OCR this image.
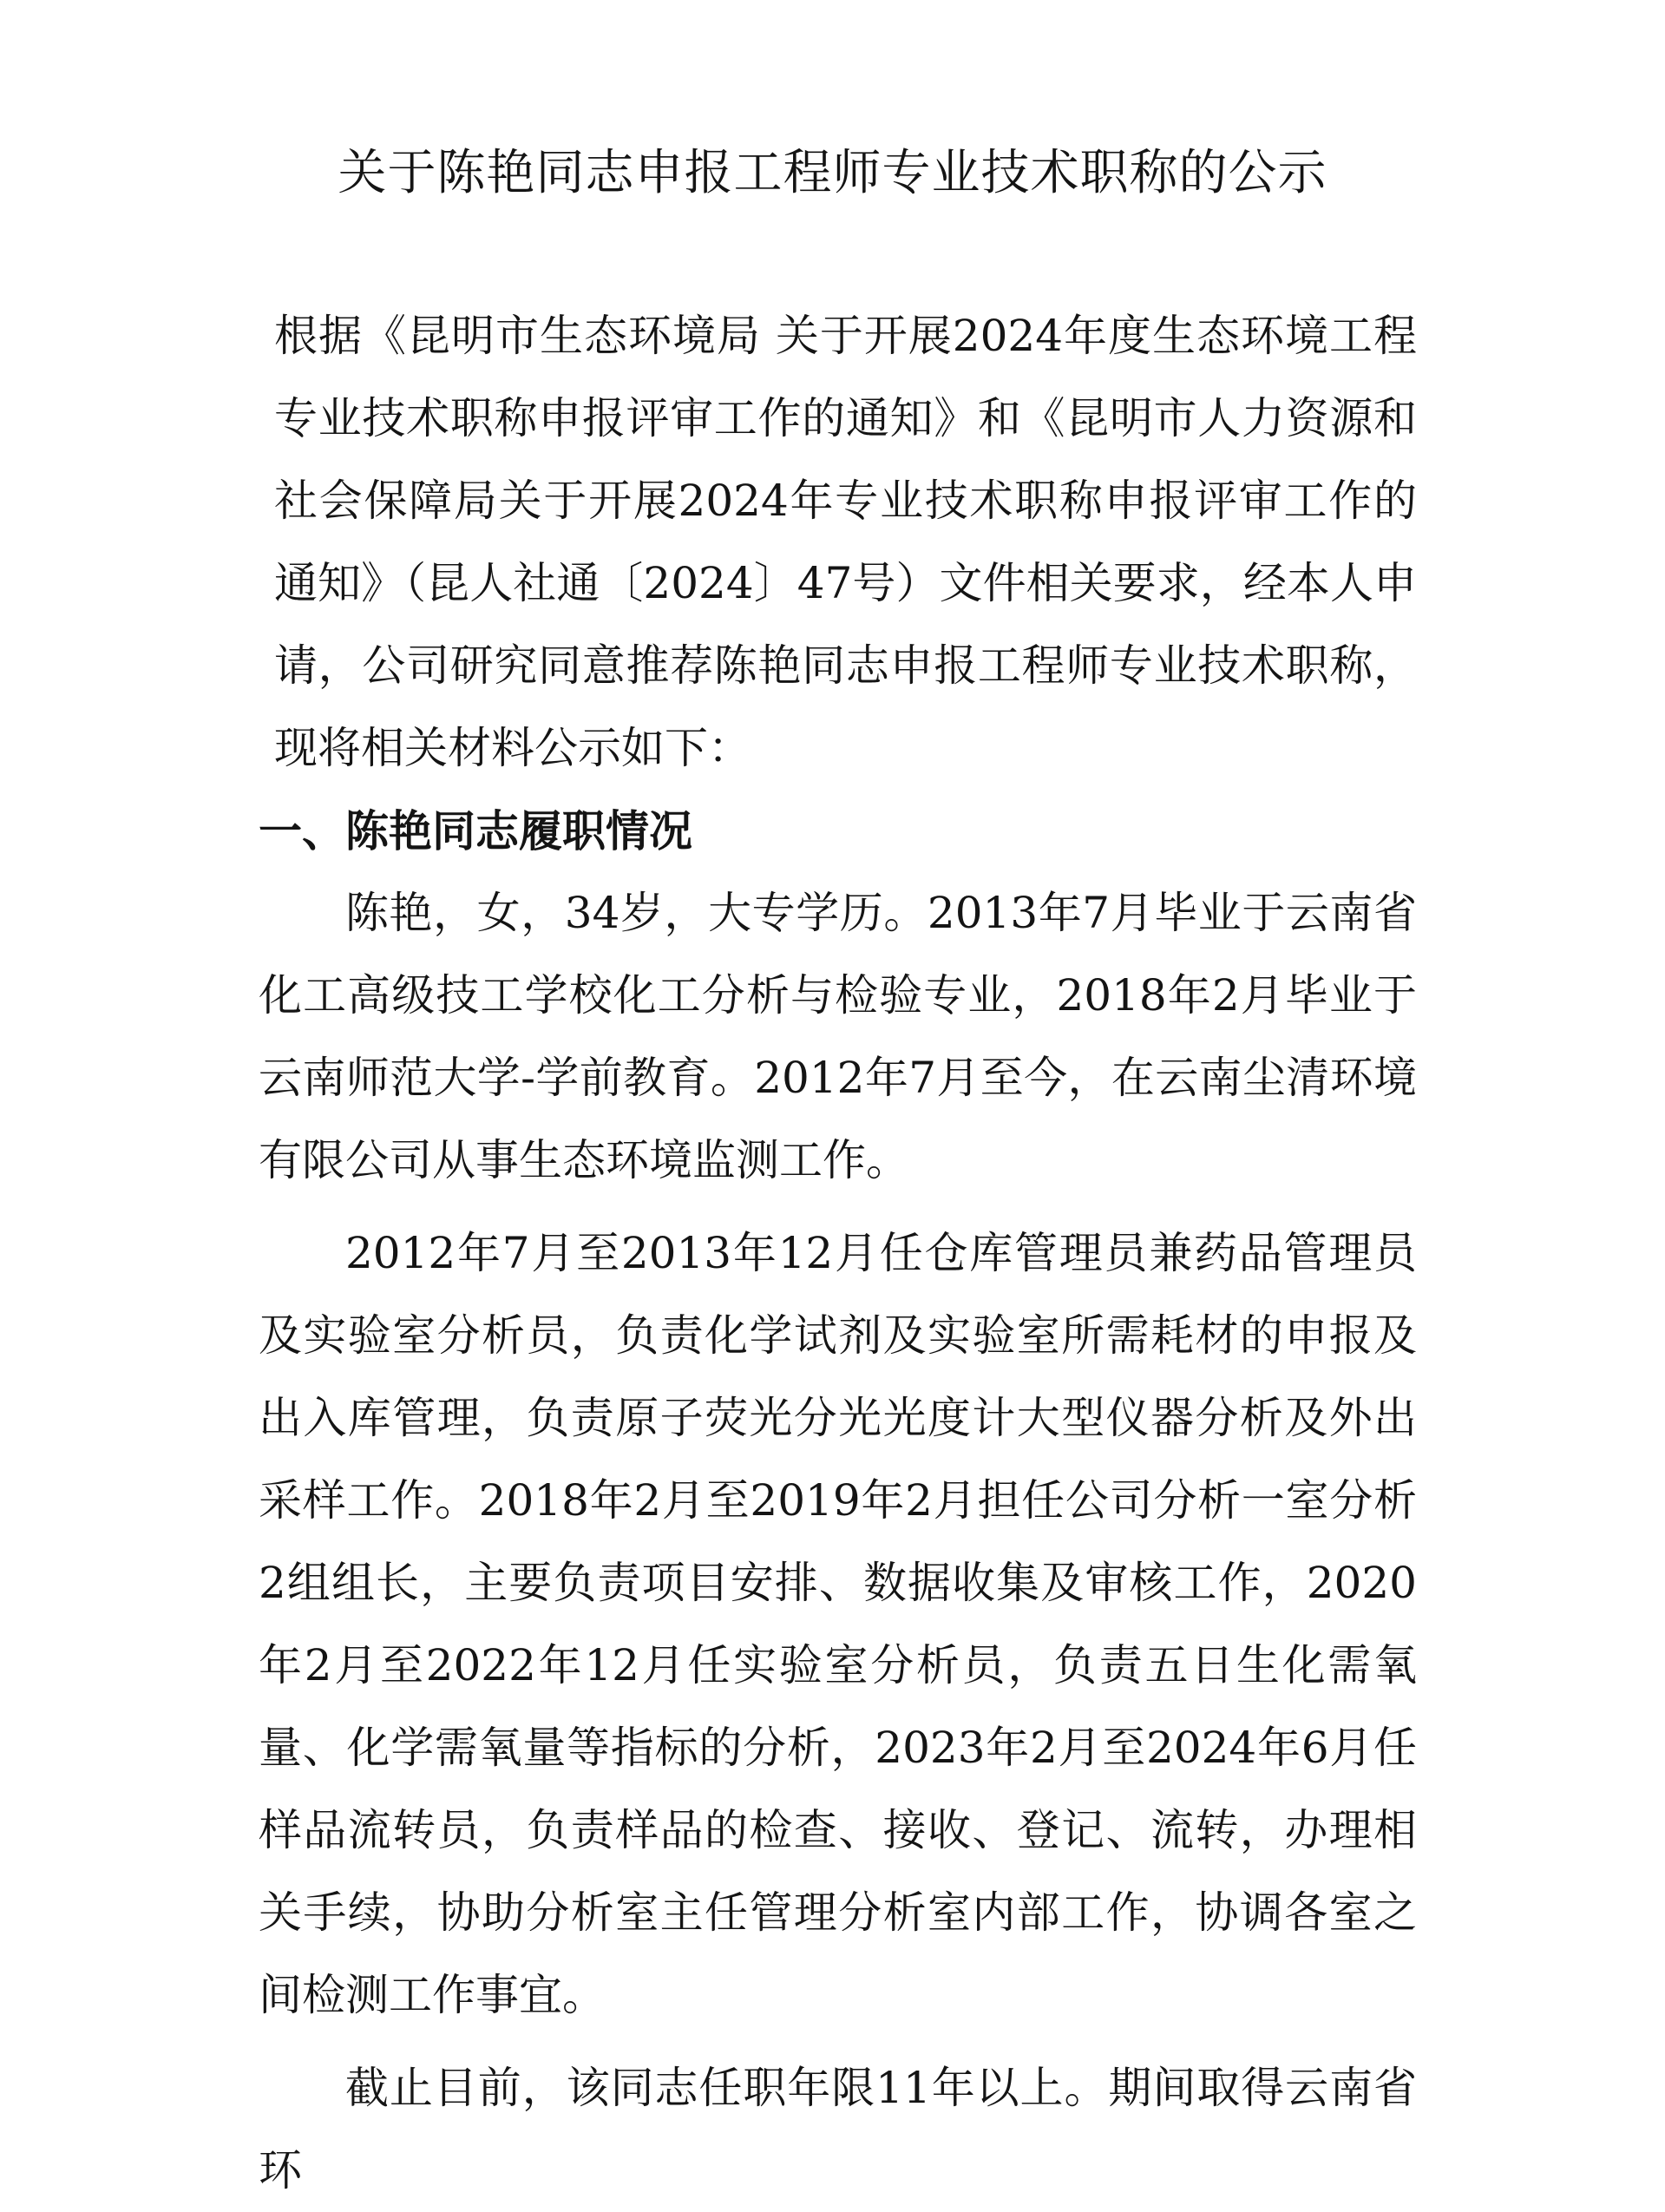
关于陈艳同志申报工程师专业技术职称的公示

根据《昆明市生态环境局 关于开展2024年度生态环境工程专业技术职称申报评审工作的通知》和《昆明市人力资源和社会保障局关于开展2024年专业技术职称申报评审工作的通知》（昆人社通〔2024〕47号）文件相关要求，经本人申请，公司研究同意推荐陈艳同志申报工程师专业技术职称，现将相关材料公示如下：

一、陈艳同志履职情况

陈艳，女，34岁，大专学历。2013年7月毕业于云南省化工高级技工学校化工分析与检验专业，2018年2月毕业于云南师范大学-学前教育。2012年7月至今，在云南尘清环境有限公司从事生态环境监测工作。

2012年7月至2013年12月任仓库管理员兼药品管理员及实验室分析员，负责化学试剂及实验室所需耗材的申报及出入库管理，负责原子荧光分光光度计大型仪器分析及外出采样工作。2018年2月至2019年2月担任公司分析一室分析2组组长，主要负责项目安排、数据收集及审核工作，2020年2月至2022年12月任实验室分析员，负责五日生化需氧量、化学需氧量等指标的分析，2023年2月至2024年6月任样品流转员，负责样品的检查、接收、登记、流转，办理相关手续，协助分析室主任管理分析室内部工作，协调各室之间检测工作事宜。

截止目前，该同志任职年限11年以上。期间取得云南省环
